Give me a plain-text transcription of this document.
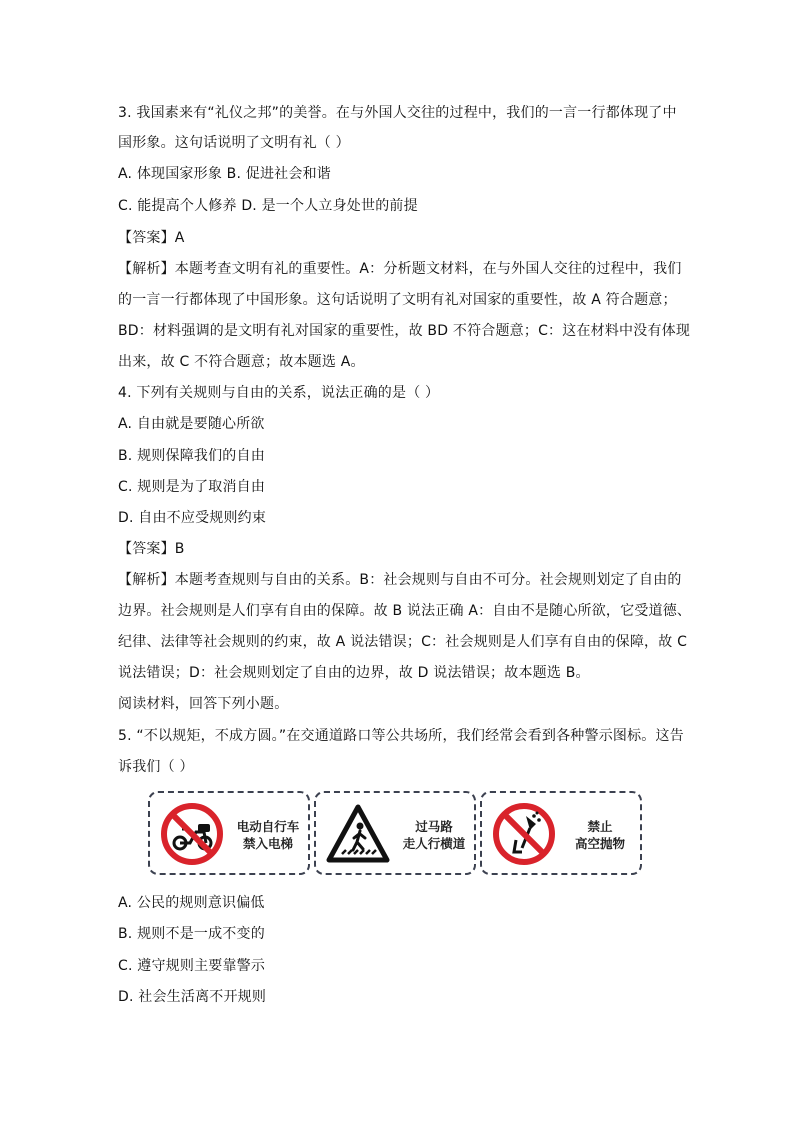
3. 我国素来有“礼仪之邦”的美誉。在与外国人交往的过程中，我们的一言一行都体现了中
国形象。这句话说明了文明有礼（ ）
A. 体现国家形象 B. 促进社会和谐
C. 能提高个人修养 D. 是一个人立身处世的前提
【答案】A
【解析】本题考查文明有礼的重要性。A：分析题文材料，在与外国人交往的过程中，我们
的一言一行都体现了中国形象。这句话说明了文明有礼对国家的重要性，故 A 符合题意；
BD：材料强调的是文明有礼对国家的重要性，故 BD 不符合题意；C：这在材料中没有体现
出来，故 C 不符合题意；故本题选 A。
4. 下列有关规则与自由的关系，说法正确的是（ ）
A. 自由就是要随心所欲
B. 规则保障我们的自由
C. 规则是为了取消自由
D. 自由不应受规则约束
【答案】B
【解析】本题考查规则与自由的关系。B：社会规则与自由不可分。社会规则划定了自由的
边界。社会规则是人们享有自由的保障。故 B 说法正确 A：自由不是随心所欲，它受道德、
纪律、法律等社会规则的约束，故 A 说法错误；C：社会规则是人们享有自由的保障，故 C
说法错误；D：社会规则划定了自由的边界，故 D 说法错误；故本题选 B。
阅读材料，回答下列小题。
5. “不以规矩，不成方圆。”在交通道路口等公共场所，我们经常会看到各种警示图标。这告
诉我们（ ）
电动自行车
禁入电梯
过马路
走人行横道
禁止
高空抛物
A. 公民的规则意识偏低
B. 规则不是一成不变的
C. 遵守规则主要靠警示
D. 社会生活离不开规则
